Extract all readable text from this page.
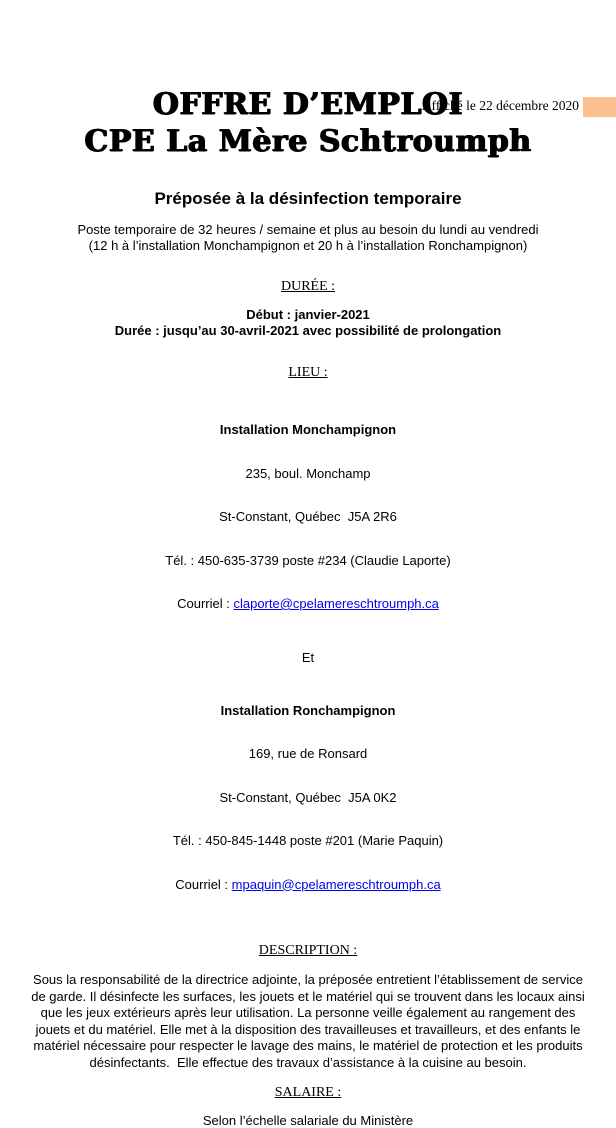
Affiché le 22 décembre 2020
OFFRE D’EMPLOI
CPE La Mère Schtroumph
Préposée à la désinfection temporaire
Poste temporaire de 32 heures / semaine et plus au besoin du lundi au vendredi
(12 h à l’installation Monchampignon et 20 h à l’installation Ronchampignon)
DURÉE :
Début : janvier-2021
Durée : jusqu’au 30-avril-2021 avec possibilité de prolongation
LIEU :

Installation Monchampignon

235, boul. Monchamp

St-Constant, Québec  J5A 2R6

Tél. : 450-635-3739 poste #234 (Claudie Laporte)

Courriel : claporte@cpelamereschtroumph.ca

Et

Installation Ronchampignon

169, rue de Ronsard

St-Constant, Québec  J5A 0K2

Tél. : 450-845-1448 poste #201 (Marie Paquin)

Courriel : mpaquin@cpelamereschtroumph.ca

DESCRIPTION :
Sous la responsabilité de la directrice adjointe, la préposée entretient l’établissement de service de garde. Il désinfecte les surfaces, les jouets et le matériel qui se trouvent dans les locaux ainsi que les jeux extérieurs après leur utilisation. La personne veille également au rangement des jouets et du matériel. Elle met à la disposition des travailleuses et travailleurs, et des enfants le matériel nécessaire pour respecter le lavage des mains, le matériel de protection et les produits désinfectants.  Elle effectue des travaux d’assistance à la cuisine au besoin.
SALAIRE :
Selon l’échelle salariale du Ministère
